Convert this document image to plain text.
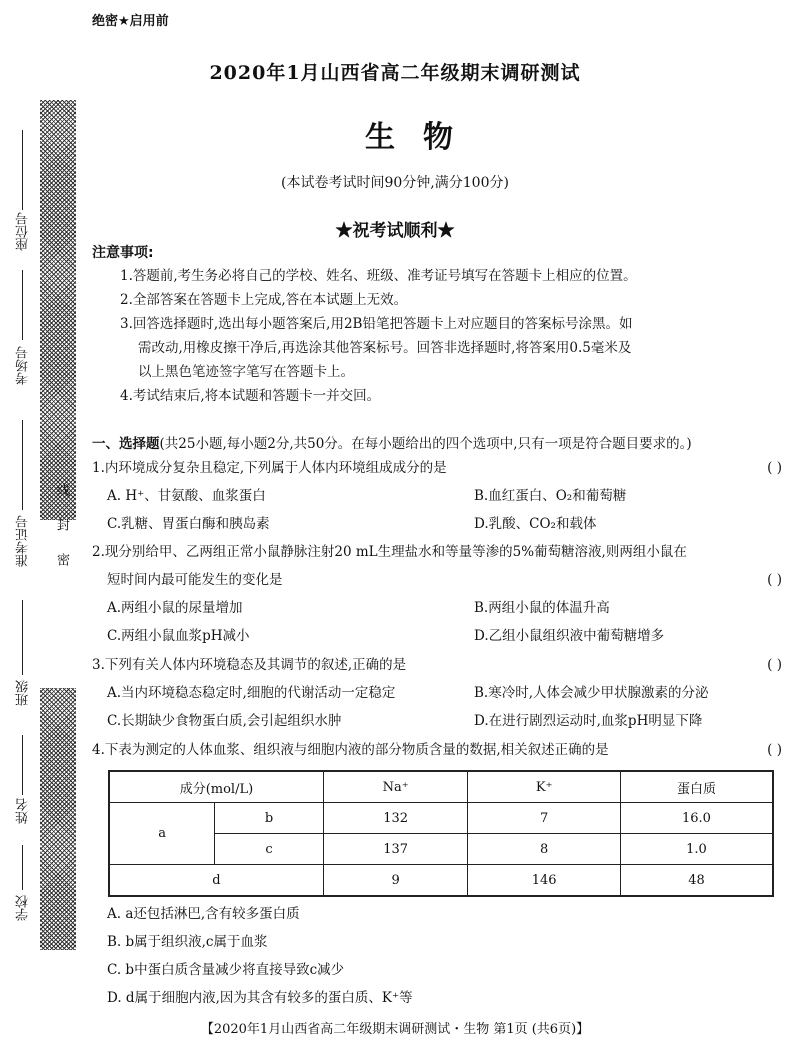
绝密★启用前
2020年1月山西省高二年级期末调研测试
生物
(本试卷考试时间90分钟,满分100分)
★祝考试顺利★
座位号
考场号
准考证号
班级
姓名
学校
线
封
密
注意事项:
1.答题前,考生务必将自己的学校、姓名、班级、准考证号填写在答题卡上相应的位置。
2.全部答案在答题卡上完成,答在本试题上无效。
3.回答选择题时,选出每小题答案后,用2B铅笔把答题卡上对应题目的答案标号涂黑。如
需改动,用橡皮擦干净后,再选涂其他答案标号。回答非选择题时,将答案用0.5毫米及
以上黑色笔迹签字笔写在答题卡上。
4.考试结束后,将本试题和答题卡一并交回。
一、选择题(共25小题,每小题2分,共50分。在每小题给出的四个选项中,只有一项是符合题目要求的。)
1.内环境成分复杂且稳定,下列属于人体内环境组成成分的是	( )
A. H⁺、甘氨酸、血浆蛋白	B.血红蛋白、O₂和葡萄糖
C.乳糖、胃蛋白酶和胰岛素	D.乳酸、CO₂和载体
2.现分别给甲、乙两组正常小鼠静脉注射20 mL生理盐水和等量等渗的5%葡萄糖溶液,则两组小鼠在
短时间内最可能发生的变化是	( )
A.两组小鼠的尿量增加	B.两组小鼠的体温升高
C.两组小鼠血浆pH减小	D.乙组小鼠组织液中葡萄糖增多
3.下列有关人体内环境稳态及其调节的叙述,正确的是	( )
A.当内环境稳态稳定时,细胞的代谢活动一定稳定	B.寒冷时,人体会减少甲状腺激素的分泌
C.长期缺少食物蛋白质,会引起组织水肿	D.在进行剧烈运动时,血浆pH明显下降
4.下表为测定的人体血浆、组织液与细胞内液的部分物质含量的数据,相关叙述正确的是	( )
成分(mol/L)		Na⁺	K⁺	蛋白质
a	b	132	7	16.0
	c	137	8	1.0
d		9	146	48
A. a还包括淋巴,含有较多蛋白质
B. b属于组织液,c属于血浆
C. b中蛋白质含量减少将直接导致c减少
D. d属于细胞内液,因为其含有较多的蛋白质、K⁺等
【2020年1月山西省高二年级期末调研测试・生物 第1页 (共6页)】
